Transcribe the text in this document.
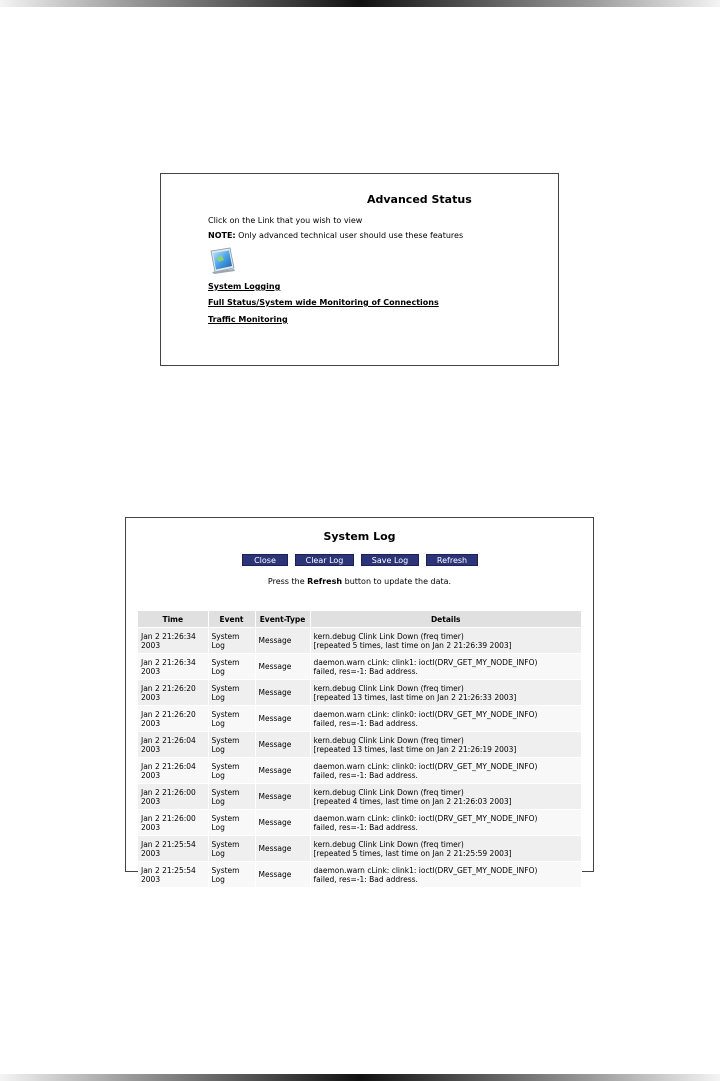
Advanced Status
Click on the Link that you wish to view
NOTE: Only advanced technical user should use these features
System Logging
Full Status/System wide Monitoring of Connections
Traffic Monitoring
System Log
Close	Clear Log	Save Log	Refresh
Press the Refresh button to update the data.
Time	Event	Event-Type	Details
Jan 2 21:26:34 2003	System Log	Message	kern.debug Clink Link Down (freq timer)
[repeated 5 times, last time on Jan 2 21:26:39 2003]

Jan 2 21:26:34 2003	System Log	Message	daemon.warn cLink: clink1: ioctl(DRV_GET_MY_NODE_INFO)
failed, res=-1: Bad address.

Jan 2 21:26:20 2003	System Log	Message	kern.debug Clink Link Down (freq timer)
[repeated 13 times, last time on Jan 2 21:26:33 2003]

Jan 2 21:26:20 2003	System Log	Message	daemon.warn cLink: clink0: ioctl(DRV_GET_MY_NODE_INFO)
failed, res=-1: Bad address.

Jan 2 21:26:04 2003	System Log	Message	kern.debug Clink Link Down (freq timer)
[repeated 13 times, last time on Jan 2 21:26:19 2003]

Jan 2 21:26:04 2003	System Log	Message	daemon.warn cLink: clink0: ioctl(DRV_GET_MY_NODE_INFO)
failed, res=-1: Bad address.

Jan 2 21:26:00 2003	System Log	Message	kern.debug Clink Link Down (freq timer)
[repeated 4 times, last time on Jan 2 21:26:03 2003]

Jan 2 21:26:00 2003	System Log	Message	daemon.warn cLink: clink0: ioctl(DRV_GET_MY_NODE_INFO)
failed, res=-1: Bad address.

Jan 2 21:25:54 2003	System Log	Message	kern.debug Clink Link Down (freq timer)
[repeated 5 times, last time on Jan 2 21:25:59 2003]

Jan 2 21:25:54 2003	System Log	Message	daemon.warn cLink: clink1: ioctl(DRV_GET_MY_NODE_INFO)
failed, res=-1: Bad address.
